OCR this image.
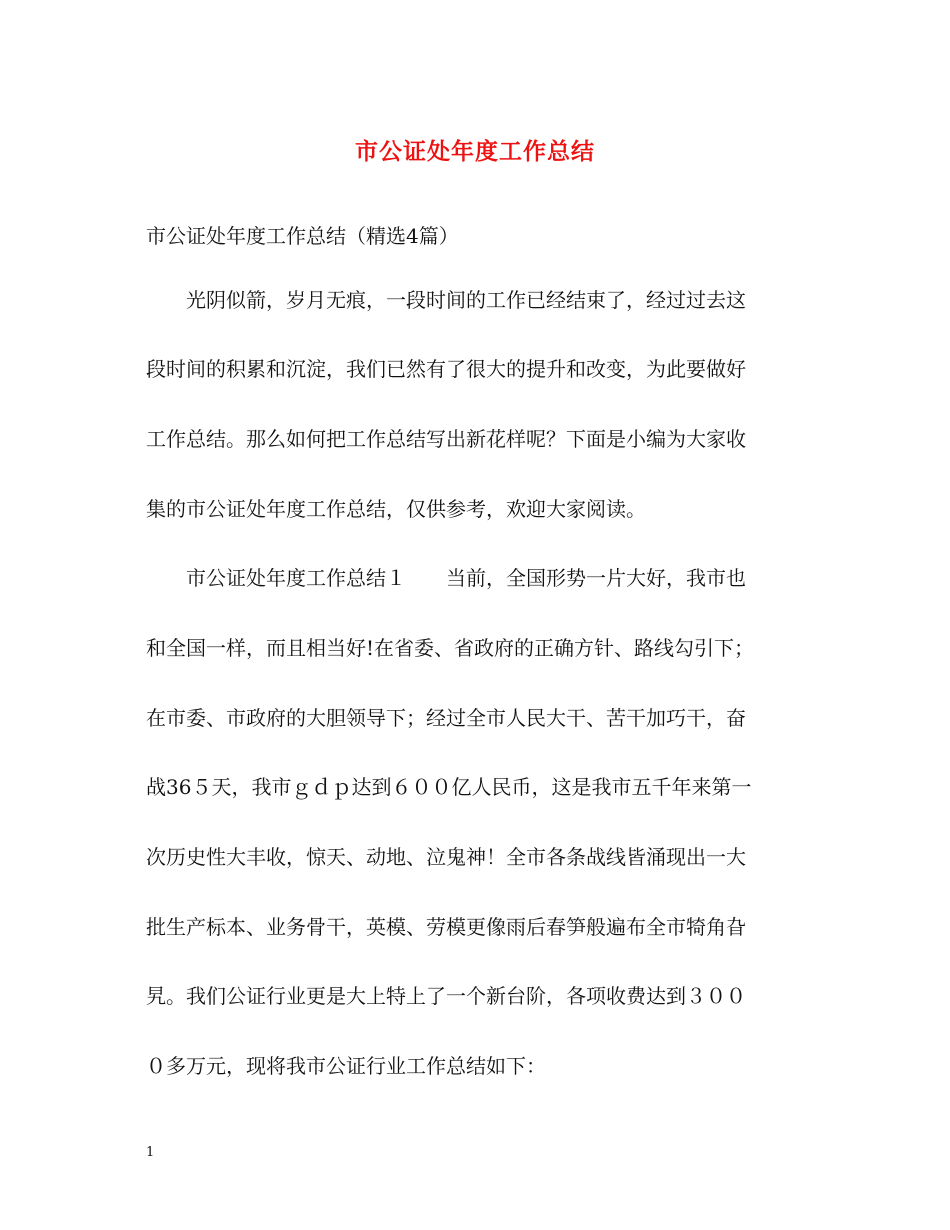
市公证处年度工作总结
市公证处年度工作总结（精选4篇）
　　光阴似箭，岁月无痕，一段时间的工作已经结束了，经过过去这
段时间的积累和沉淀，我们已然有了很大的提升和改变，为此要做好
工作总结。那么如何把工作总结写出新花样呢？下面是小编为大家收
集的市公证处年度工作总结，仅供参考，欢迎大家阅读。
　　市公证处年度工作总结１　　当前，全国形势一片大好，我市也
和全国一样，而且相当好!在省委、省政府的正确方针、路线勾引下；
在市委、市政府的大胆领导下；经过全市人民大干、苦干加巧干，奋
战36５天，我市ｇｄｐ达到６００亿人民币，这是我市五千年来第一
次历史性大丰收，惊天、动地、泣鬼神！全市各条战线皆涌现出一大
批生产标本、业务骨干，英模、劳模更像雨后春笋般遍布全市犄角旮
旯。我们公证行业更是大上特上了一个新台阶，各项收费达到３００
０多万元，现将我市公证行业工作总结如下：
1
